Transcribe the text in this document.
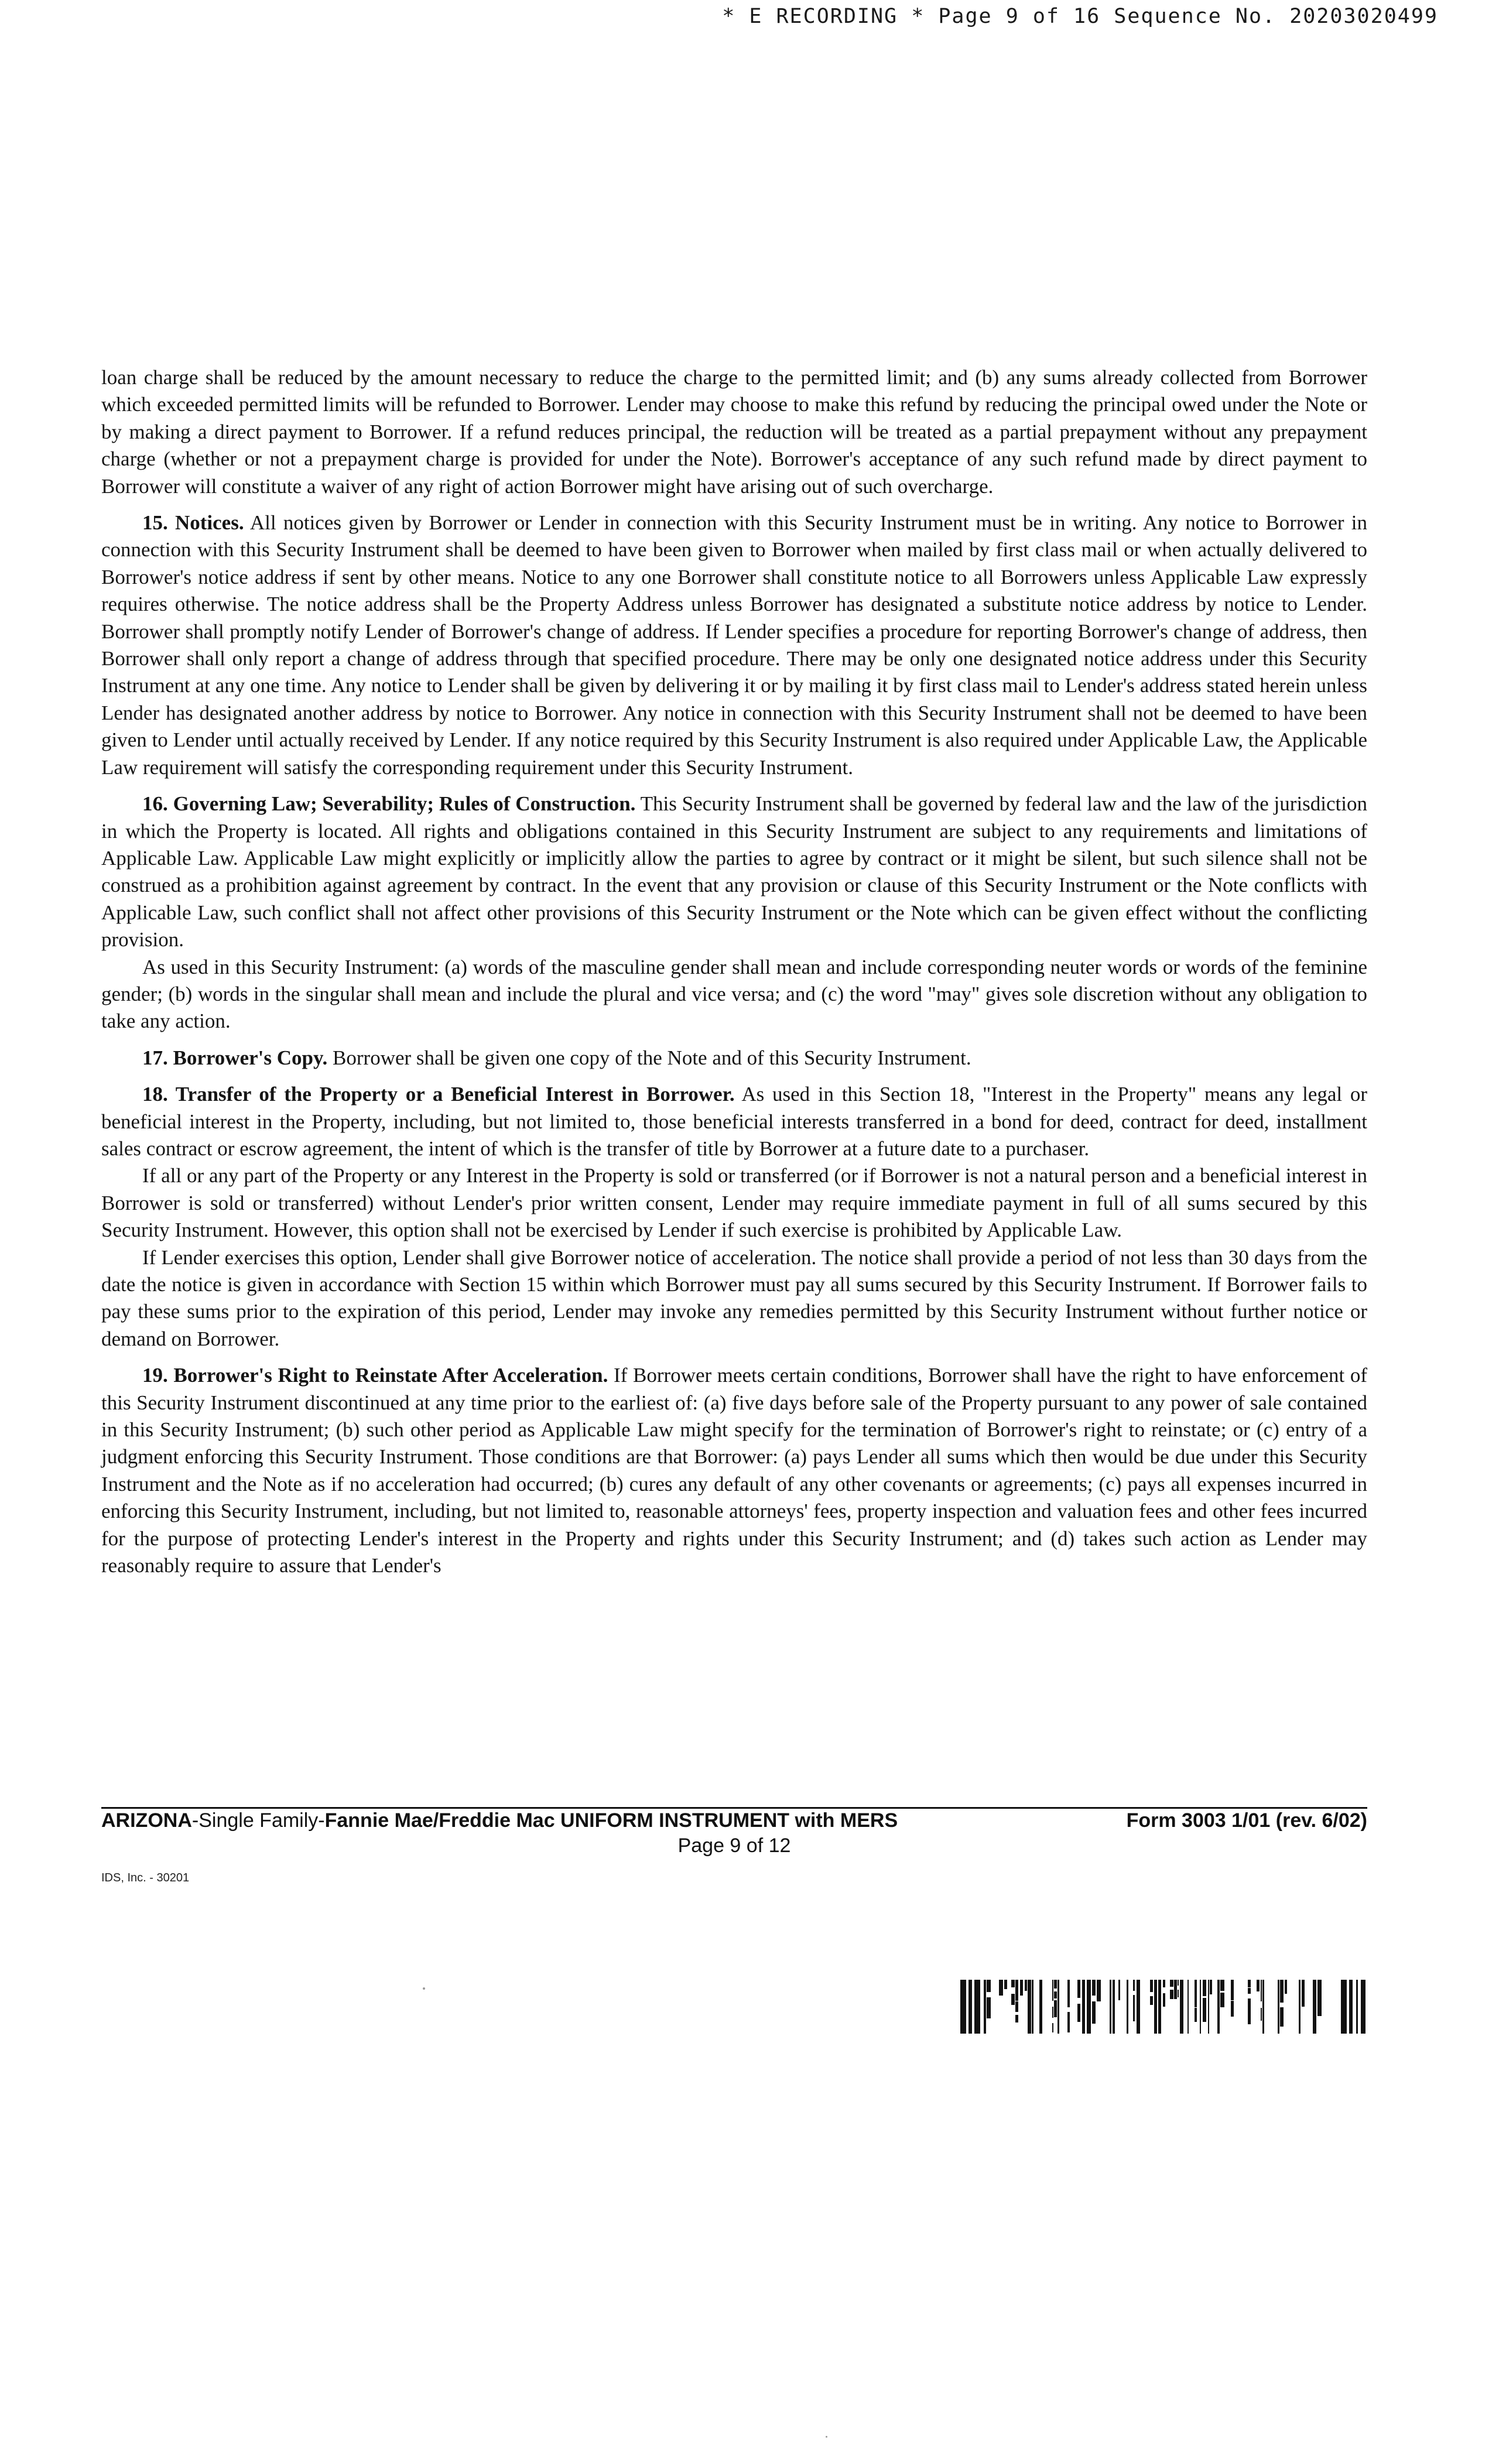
* E RECORDING * Page 9 of 16 Sequence No. 20203020499

loan charge shall be reduced by the amount necessary to reduce the charge to the permitted limit; and (b) any sums already collected from Borrower which exceeded permitted limits will be refunded to Borrower. Lender may choose to make this refund by reducing the principal owed under the Note or by making a direct payment to Borrower. If a refund reduces principal, the reduction will be treated as a partial prepayment without any prepayment charge (whether or not a prepayment charge is provided for under the Note). Borrower's acceptance of any such refund made by direct payment to Borrower will constitute a waiver of any right of action Borrower might have arising out of such overcharge.

15. Notices. All notices given by Borrower or Lender in connection with this Security Instrument must be in writing. Any notice to Borrower in connection with this Security Instrument shall be deemed to have been given to Borrower when mailed by first class mail or when actually delivered to Borrower's notice address if sent by other means. Notice to any one Borrower shall constitute notice to all Borrowers unless Applicable Law expressly requires otherwise. The notice address shall be the Property Address unless Borrower has designated a substitute notice address by notice to Lender. Borrower shall promptly notify Lender of Borrower's change of address. If Lender specifies a procedure for reporting Borrower's change of address, then Borrower shall only report a change of address through that specified procedure. There may be only one designated notice address under this Security Instrument at any one time. Any notice to Lender shall be given by delivering it or by mailing it by first class mail to Lender's address stated herein unless Lender has designated another address by notice to Borrower. Any notice in connection with this Security Instrument shall not be deemed to have been given to Lender until actually received by Lender. If any notice required by this Security Instrument is also required under Applicable Law, the Applicable Law requirement will satisfy the corresponding requirement under this Security Instrument.

16. Governing Law; Severability; Rules of Construction. This Security Instrument shall be governed by federal law and the law of the jurisdiction in which the Property is located. All rights and obligations contained in this Security Instrument are subject to any requirements and limitations of Applicable Law. Applicable Law might explicitly or implicitly allow the parties to agree by contract or it might be silent, but such silence shall not be construed as a prohibition against agreement by contract. In the event that any provision or clause of this Security Instrument or the Note conflicts with Applicable Law, such conflict shall not affect other provisions of this Security Instrument or the Note which can be given effect without the conflicting provision.

As used in this Security Instrument: (a) words of the masculine gender shall mean and include corresponding neuter words or words of the feminine gender; (b) words in the singular shall mean and include the plural and vice versa; and (c) the word "may" gives sole discretion without any obligation to take any action.

17. Borrower's Copy. Borrower shall be given one copy of the Note and of this Security Instrument.

18. Transfer of the Property or a Beneficial Interest in Borrower. As used in this Section 18, "Interest in the Property" means any legal or beneficial interest in the Property, including, but not limited to, those beneficial interests transferred in a bond for deed, contract for deed, installment sales contract or escrow agreement, the intent of which is the transfer of title by Borrower at a future date to a purchaser.

If all or any part of the Property or any Interest in the Property is sold or transferred (or if Borrower is not a natural person and a beneficial interest in Borrower is sold or transferred) without Lender's prior written consent, Lender may require immediate payment in full of all sums secured by this Security Instrument. However, this option shall not be exercised by Lender if such exercise is prohibited by Applicable Law.

If Lender exercises this option, Lender shall give Borrower notice of acceleration. The notice shall provide a period of not less than 30 days from the date the notice is given in accordance with Section 15 within which Borrower must pay all sums secured by this Security Instrument. If Borrower fails to pay these sums prior to the expiration of this period, Lender may invoke any remedies permitted by this Security Instrument without further notice or demand on Borrower.

19. Borrower's Right to Reinstate After Acceleration. If Borrower meets certain conditions, Borrower shall have the right to have enforcement of this Security Instrument discontinued at any time prior to the earliest of: (a) five days before sale of the Property pursuant to any power of sale contained in this Security Instrument; (b) such other period as Applicable Law might specify for the termination of Borrower's right to reinstate; or (c) entry of a judgment enforcing this Security Instrument. Those conditions are that Borrower: (a) pays Lender all sums which then would be due under this Security Instrument and the Note as if no acceleration had occurred; (b) cures any default of any other covenants or agreements; (c) pays all expenses incurred in enforcing this Security Instrument, including, but not limited to, reasonable attorneys' fees, property inspection and valuation fees and other fees incurred for the purpose of protecting Lender's interest in the Property and rights under this Security Instrument; and (d) takes such action as Lender may reasonably require to assure that Lender's

ARIZONA-Single Family-Fannie Mae/Freddie Mac UNIFORM INSTRUMENT with MERS	Form 3003 1/01 (rev. 6/02)
Page 9 of 12
IDS, Inc. - 30201
